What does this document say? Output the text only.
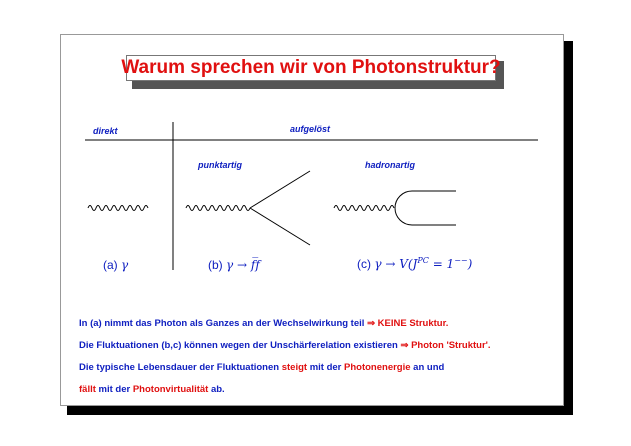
Warum sprechen wir von Photonstruktur?
direkt	aufgelöst
punktartig	hadronartig
(a) γ	(b) γ → f̅f	(c) $\gamma \to V(J^{PC} = 1^{--})$
In (a) nimmt das Photon als Ganzes an der Wechselwirkung teil ⇒ KEINE Struktur.
Die Fluktuationen (b,c) können wegen der Unschärferelation existieren ⇒ Photon 'Struktur'.
Die typische Lebensdauer der Fluktuationen steigt mit der Photonenergie an und
fällt mit der Photonvirtualität ab.
